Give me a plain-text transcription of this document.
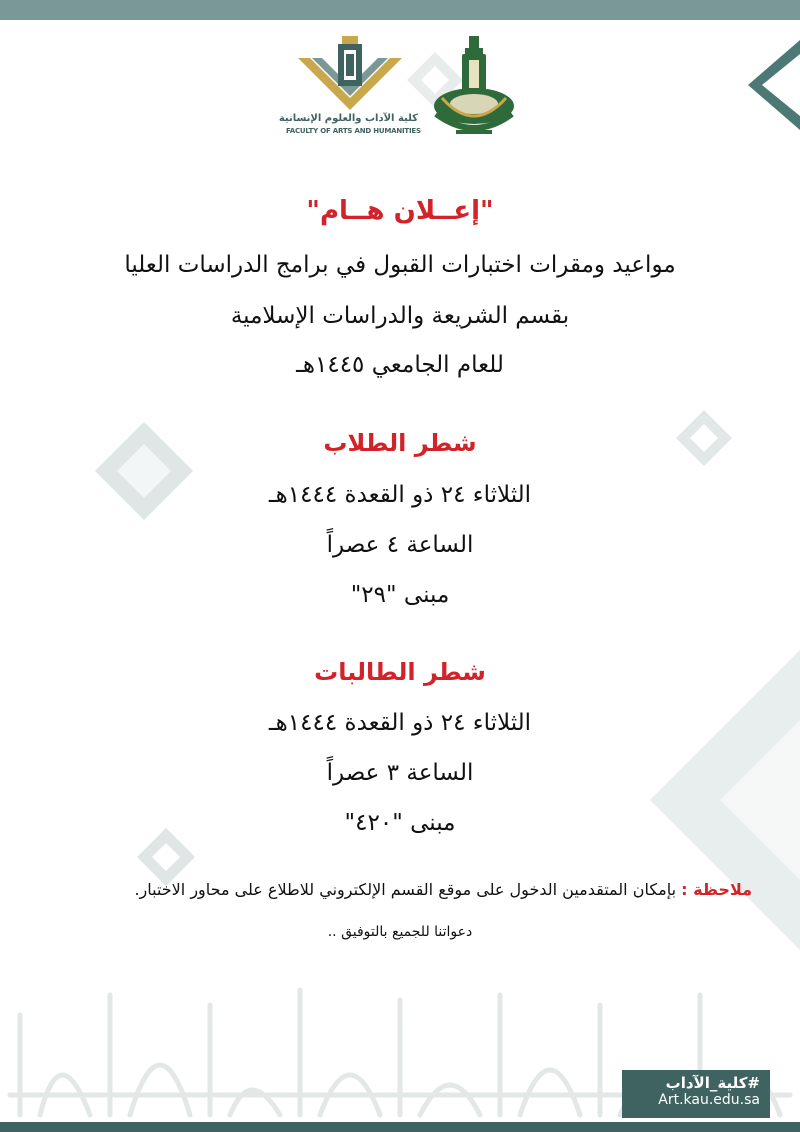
كلية الآداب والعلوم الإنسانية
FACULTY OF ARTS AND HUMANITIES
"إعــلان هــام"
مواعيد ومقرات اختبارات القبول في برامج الدراسات العليا
بقسم الشريعة والدراسات الإسلامية
للعام الجامعي ١٤٤٥هـ
شطر الطلاب
الثلاثاء ٢٤ ذو القعدة ١٤٤٤هـ
الساعة ٤ عصراً
مبنى "٢٩"
شطر الطالبات
الثلاثاء ٢٤ ذو القعدة ١٤٤٤هـ
الساعة ٣ عصراً
مبنى "٤٢٠"
ملاحظة : بإمكان المتقدمين الدخول على موقع القسم الإلكتروني للاطلاع على محاور الاختبار.
دعواتنا للجميع بالتوفيق ..
#كلية_الآداب
Art.kau.edu.sa
